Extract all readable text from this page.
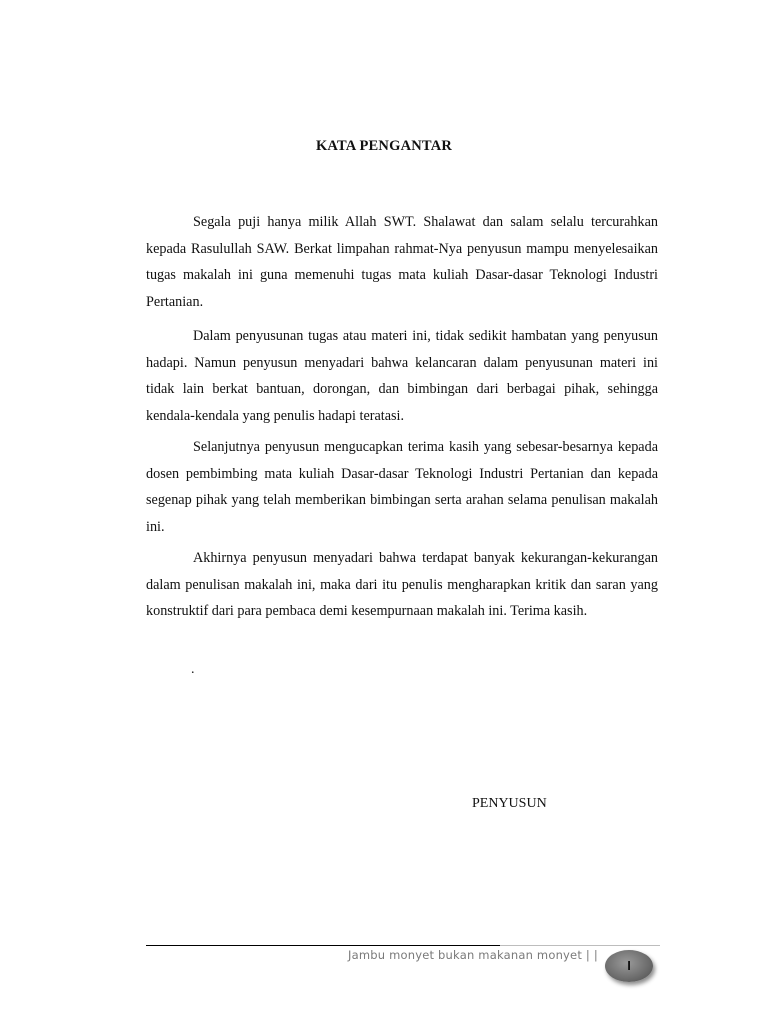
KATA PENGANTAR

Segala puji hanya milik Allah SWT. Shalawat dan salam selalu tercurahkan kepada Rasulullah SAW. Berkat limpahan rahmat-Nya penyusun mampu menyelesaikan tugas makalah ini guna memenuhi tugas mata kuliah Dasar-dasar Teknologi Industri Pertanian.

Dalam penyusunan tugas atau materi ini, tidak sedikit hambatan yang penyusun hadapi. Namun penyusun menyadari bahwa kelancaran dalam penyusunan materi ini tidak lain berkat bantuan, dorongan, dan bimbingan dari berbagai pihak, sehingga kendala-kendala yang penulis hadapi teratasi.

Selanjutnya penyusun mengucapkan terima kasih yang sebesar-besarnya kepada dosen pembimbing mata kuliah Dasar-dasar Teknologi Industri Pertanian dan kepada segenap pihak yang telah memberikan bimbingan serta arahan selama penulisan makalah ini.

Akhirnya penyusun menyadari bahwa terdapat banyak kekurangan-kekurangan dalam penulisan makalah ini, maka dari itu penulis mengharapkan kritik dan saran yang konstruktif dari para pembaca demi kesempurnaan makalah ini. Terima kasih.

.
PENYUSUN
Jambu monyet bukan makanan monyet | |
I
